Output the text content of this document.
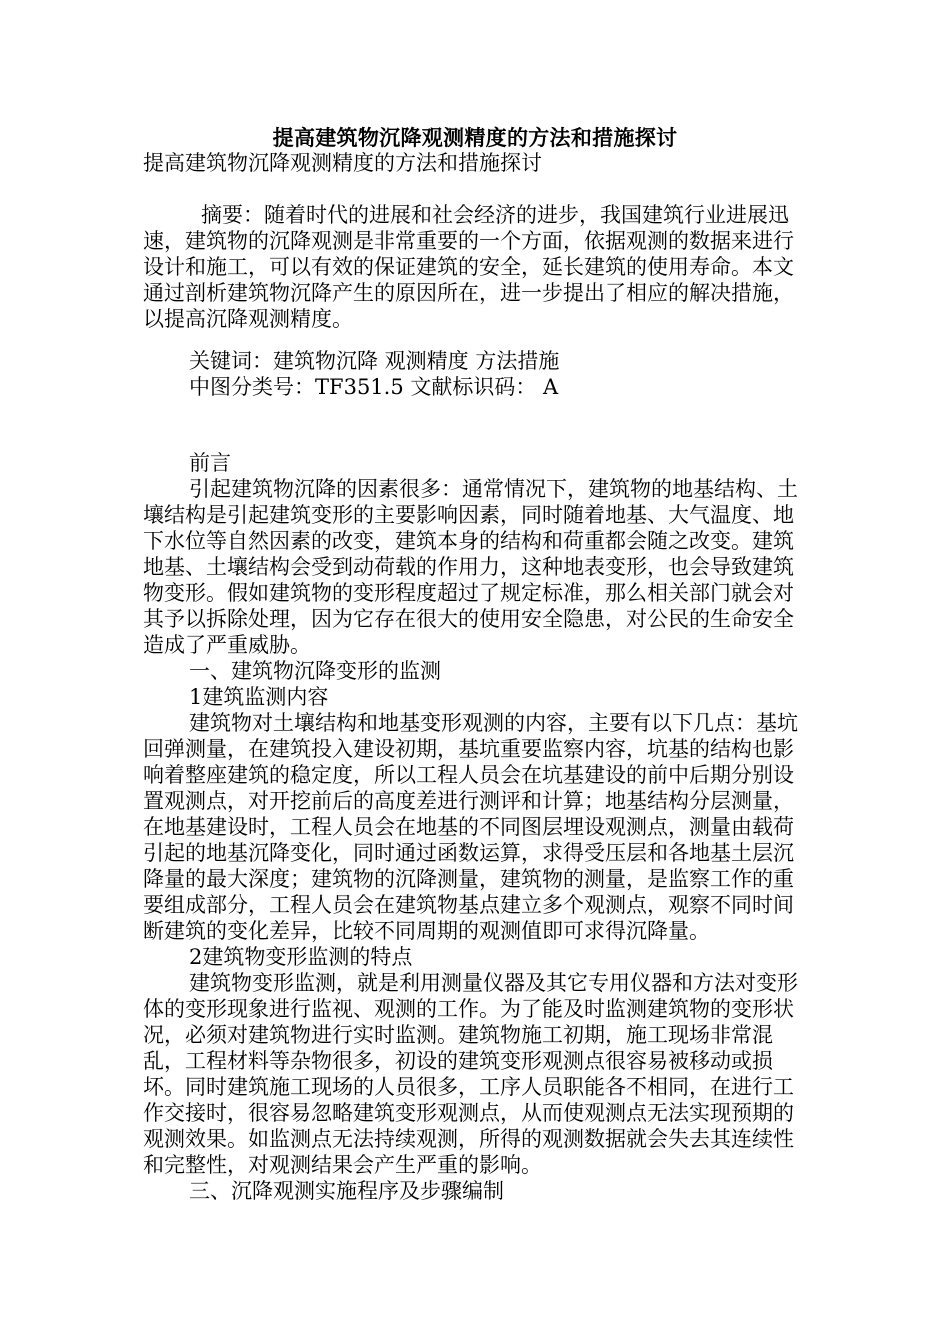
提高建筑物沉降观测精度的方法和措施探讨
提高建筑物沉降观测精度的方法和措施探讨

摘要：随着时代的进展和社会经济的进步，我国建筑行业进展迅速，建筑物的沉降观测是非常重要的一个方面，依据观测的数据来进行设计和施工，可以有效的保证建筑的安全，延长建筑的使用寿命。本文通过剖析建筑物沉降产生的原因所在，进一步提出了相应的解决措施，以提高沉降观测精度。

关键词：建筑物沉降 观测精度 方法措施

中图分类号：TF351.5 文献标识码： A

前言

引起建筑物沉降的因素很多：通常情况下，建筑物的地基结构、土壤结构是引起建筑变形的主要影响因素，同时随着地基、大气温度、地下水位等自然因素的改变，建筑本身的结构和荷重都会随之改变。建筑地基、土壤结构会受到动荷载的作用力，这种地表变形，也会导致建筑物变形。假如建筑物的变形程度超过了规定标准，那么相关部门就会对其予以拆除处理，因为它存在很大的使用安全隐患，对公民的生命安全造成了严重威胁。

一、建筑物沉降变形的监测

1建筑监测内容

建筑物对土壤结构和地基变形观测的内容，主要有以下几点：基坑回弹测量，在建筑投入建设初期，基坑重要监察内容，坑基的结构也影响着整座建筑的稳定度，所以工程人员会在坑基建设的前中后期分别设置观测点，对开挖前后的高度差进行测评和计算；地基结构分层测量，在地基建设时，工程人员会在地基的不同图层埋设观测点，测量由载荷引起的地基沉降变化，同时通过函数运算，求得受压层和各地基土层沉降量的最大深度；建筑物的沉降测量，建筑物的测量，是监察工作的重要组成部分，工程人员会在建筑物基点建立多个观测点，观察不同时间断建筑的变化差异，比较不同周期的观测值即可求得沉降量。

2建筑物变形监测的特点

建筑物变形监测，就是利用测量仪器及其它专用仪器和方法对变形体的变形现象进行监视、观测的工作。为了能及时监测建筑物的变形状况，必须对建筑物进行实时监测。建筑物施工初期，施工现场非常混乱，工程材料等杂物很多，初设的建筑变形观测点很容易被移动或损坏。同时建筑施工现场的人员很多，工序人员职能各不相同，在进行工作交接时，很容易忽略建筑变形观测点，从而使观测点无法实现预期的观测效果。如监测点无法持续观测，所得的观测数据就会失去其连续性和完整性，对观测结果会产生严重的影响。

三、沉降观测实施程序及步骤编制
